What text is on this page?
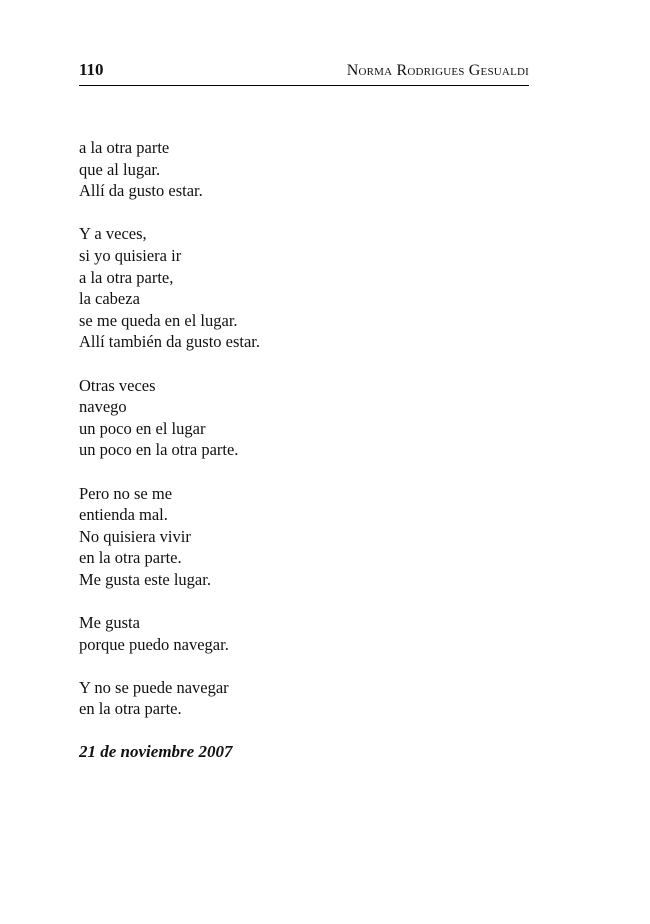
110	Norma Rodrigues Gesualdi
a la otra parte
que al lugar.
Allí da gusto estar.
Y a veces,
si yo quisiera ir
a la otra parte,
la cabeza
se me queda en el lugar.
Allí también da gusto estar.
Otras veces
navego
un poco en el lugar
un poco en la otra parte.
Pero no se me
entienda mal.
No quisiera vivir
en la otra parte.
Me gusta este lugar.
Me gusta
porque puedo navegar.
Y no se puede navegar
en la otra parte.
21 de noviembre 2007
